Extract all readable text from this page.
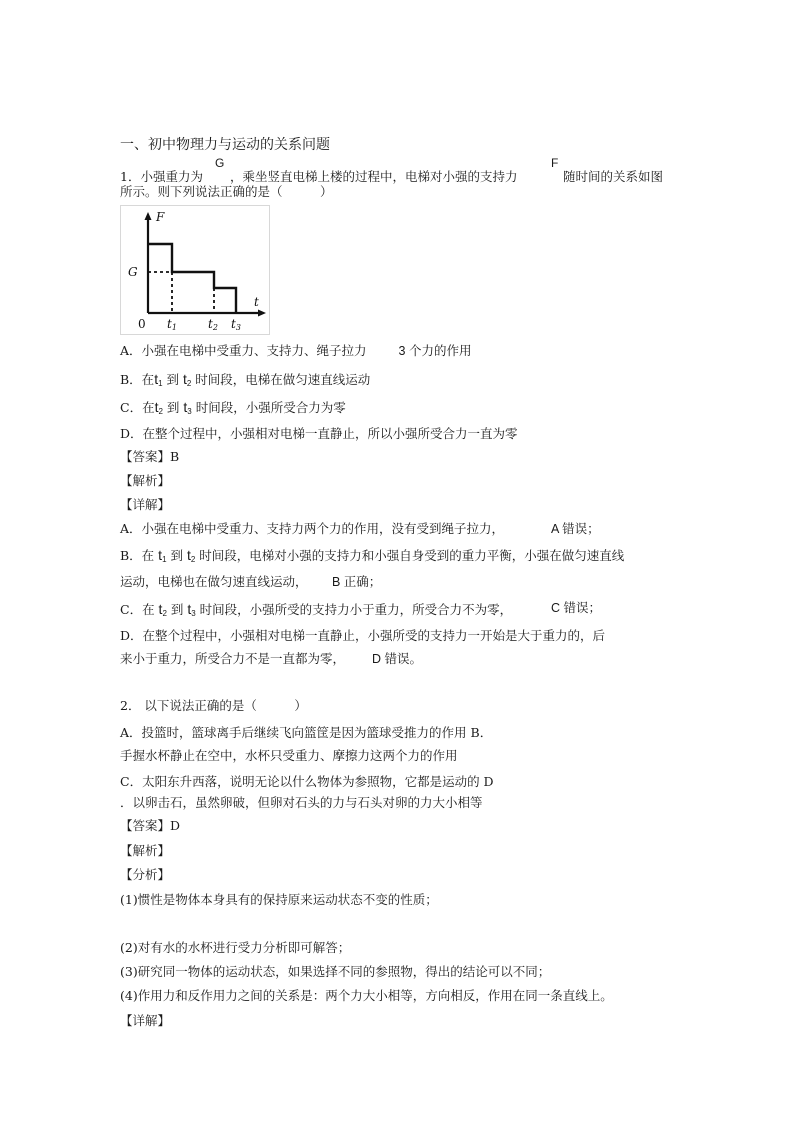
一、初中物理力与运动的关系问题
G	F
1．小强重力为 ，乘坐竖直电梯上楼的过程中，电梯对小强的支持力	随时间的关系如图
所示。则下列说法正确的是（　　　）
F
t
G
0 t1	t2 t3
A．小强在电梯中受重力、支持力、绳子拉力	3 个力的作用
B．在$t_1$ 到 $t_2$ 时间段，电梯在做匀速直线运动
C．在$t_2$ 到 $t_3$ 时间段，小强所受合力为零
D．在整个过程中，小强相对电梯一直静止，所以小强所受合力一直为零
【答案】B
【解析】
【详解】
A．小强在电梯中受重力、支持力两个力的作用，没有受到绳子拉力，	A 错误；
B．在 $t_1$ 到 $t_2$ 时间段，电梯对小强的支持力和小强自身受到的重力平衡，小强在做匀速直线
运动，电梯也在做匀速直线运动， B 正确；
C．在 $t_2$ 到 $t_3$ 时间段，小强所受的支持力小于重力，所受合力不为零，	C 错误；
D．在整个过程中，小强相对电梯一直静止，小强所受的支持力一开始是大于重力的，后
来小于重力，所受合力不是一直都为零， D 错误。
2． 以下说法正确的是（　　　）
A．投篮时，篮球离手后继续飞向篮筐是因为篮球受推力的作用 B．
手握水杯静止在空中，水杯只受重力、摩擦力这两个力的作用
C．太阳东升西落，说明无论以什么物体为参照物，它都是运动的 D
．以卵击石，虽然卵破，但卵对石头的力与石头对卵的力大小相等
【答案】D
【解析】
【分析】
(1)惯性是物体本身具有的保持原来运动状态不变的性质；
(2)对有水的水杯进行受力分析即可解答；
(3)研究同一物体的运动状态，如果选择不同的参照物，得出的结论可以不同；
(4)作用力和反作用力之间的关系是：两个力大小相等，方向相反，作用在同一条直线上。
【详解】
